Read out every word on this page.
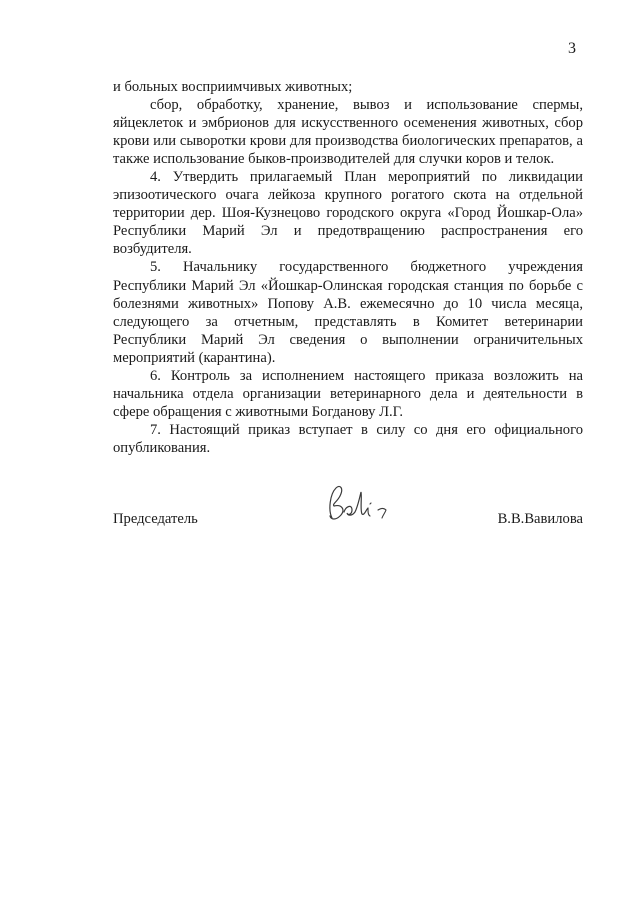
3

и больных восприимчивых животных;

сбор, обработку, хранение, вывоз и использование спермы, яйцеклеток и эмбрионов для искусственного осеменения животных, сбор крови или сыворотки крови для производства биологических препаратов, а также использование быков-производителей для случки коров и телок.

4. Утвердить прилагаемый План мероприятий по ликвидации эпизоотического очага лейкоза крупного рогатого скота на отдельной территории дер. Шоя-Кузнецово городского округа «Город Йошкар-Ола» Республики Марий Эл и предотвращению распространения его возбудителя.

5. Начальнику государственного бюджетного учреждения Республики Марий Эл «Йошкар-Олинская городская станция по борьбе с болезнями животных» Попову А.В. ежемесячно до 10 числа месяца, следующего за отчетным, представлять в Комитет ветеринарии Республики Марий Эл сведения о выполнении ограничительных мероприятий (карантина).

6. Контроль за исполнением настоящего приказа возложить на начальника отдела организации ветеринарного дела и деятельности в сфере обращения с животными Богданову Л.Г.

7. Настоящий приказ вступает в силу со дня его официального опубликования.

Председатель	В.В.Вавилова
